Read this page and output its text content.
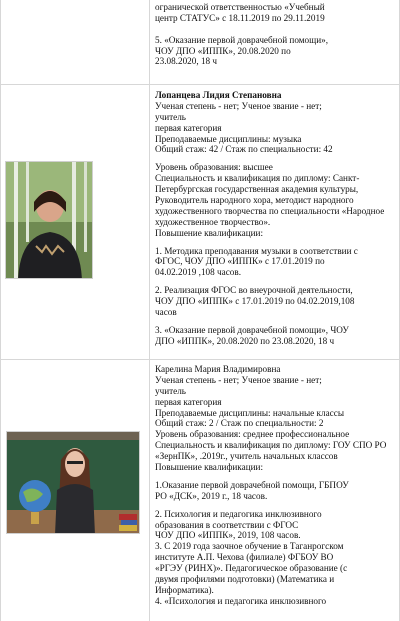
огранической ответственностью «Учебный
центр СТАТУС» с 18.11.2019 по 29.11.2019
5. «Оказание первой доврачебной помощи»,
ЧОУ ДПО «ИППК», 20.08.2020 по
23.08.2020, 18 ч
Лопанцева Лидия Степановна
Ученая степень - нет; Ученое звание - нет;
учитель
первая категория
Преподаваемые дисциплины: музыка
Общий стаж: 42 / Стаж по специальности: 42
Уровень образования: высшее
Специальность и квалификация по диплому: Санкт-
Петербургская государственная академия культуры,
Руководитель народного хора, методист народного
художественного творчества по специальности «Народное
художественное творчество».
Повышение квалификации:
1. Методика преподавания музыки в соответствии с
ФГОС, ЧОУ ДПО «ИППК» с 17.01.2019 по
04.02.2019 ,108 часов.
2. Реализация ФГОС во внеурочной деятельности,
ЧОУ ДПО «ИППК» с 17.01.2019 по 04.02.2019,108
часов
3. «Оказание первой доврачебной помощи», ЧОУ
ДПО «ИППК», 20.08.2020 по 23.08.2020, 18 ч
Карелина Мария Владимировна
Ученая степень - нет; Ученое звание - нет;
учитель
первая категория
Преподаваемые дисциплины: начальные классы
Общий стаж: 2 / Стаж по специальности: 2
Уровень образования: среднее профессиональное
Специальность и квалификация по диплому: ГОУ СПО РО
«ЗернПК», .2019г., учитель начальных классов
Повышение квалификации:
1.Оказание первой доврачебной помощи, ГБПОУ
РО «ДСК», 2019 г., 18 часов.
2. Психология и педагогика инклюзивного
образования в соответствии с ФГОС
ЧОУ ДПО «ИППК», 2019, 108 часов.
3. С 2019 года заочное обучение в Таганрогском
институте А.П. Чехова (филиале) ФГБОУ ВО
«РГЭУ (РИНХ)». Педагогическое образование (с
двумя профилями подготовки) (Математика и
Информатика).
4. «Психология и педагогика инклюзивного
